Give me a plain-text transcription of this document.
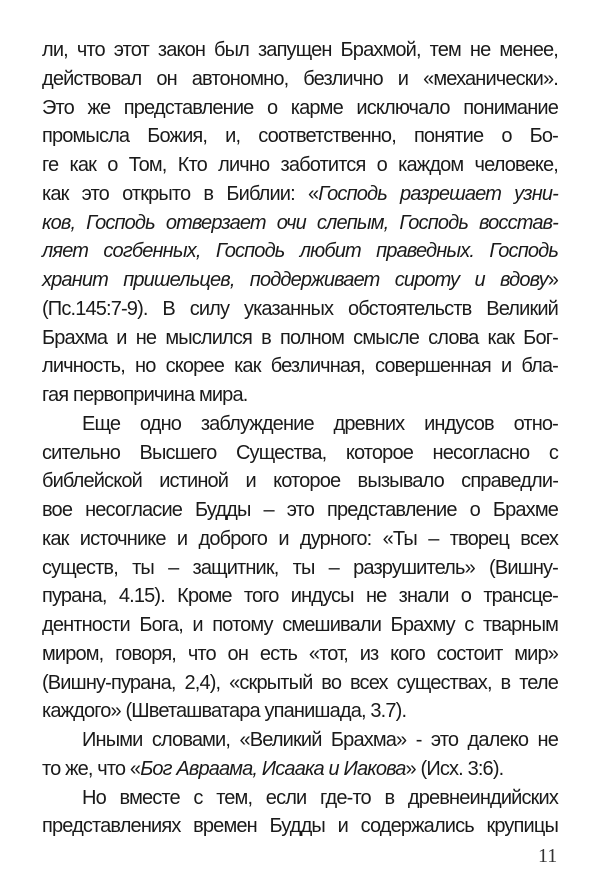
ли, что этот закон был запущен Брахмой, тем не менее,
действовал он автономно, безлично и «механически».
Это же представление о карме исключало понимание
промысла Божия, и, соответственно, понятие о Бо-
ге как о Том, Кто лично заботится о каждом человеке,
как это открыто в Библии: «Господь разрешает узни-
ков, Господь отверзает очи слепым, Господь восстав-
ляет согбенных, Господь любит праведных. Господь
хранит пришельцев, поддерживает сироту и вдову»
(Пс.145:7-9). В силу указанных обстоятельств Великий
Брахма и не мыслился в полном смысле слова как Бог-
личность, но скорее как безличная, совершенная и бла-
гая первопричина мира.
Еще одно заблуждение древних индусов отно-
сительно Высшего Существа, которое несогласно с
библейской истиной и которое вызывало справедли-
вое несогласие Будды – это представление о Брахме
как источнике и доброго и дурного: «Ты – творец всех
существ, ты – защитник, ты – разрушитель» (Вишну-
пурана, 4.15). Кроме того индусы не знали о трансце-
дентности Бога, и потому смешивали Брахму с тварным
миром, говоря, что он есть «тот, из кого состоит мир»
(Вишну-пурана, 2,4), «скрытый во всех существах, в теле
каждого» (Шветашватара упанишада, 3.7).
Иными словами, «Великий Брахма» - это далеко не
то же, что «Бог Авраама, Исаака и Иакова» (Исх. 3:6).
Но вместе с тем, если где-то в древнеиндийских
представлениях времен Будды и содержались крупицы
11
